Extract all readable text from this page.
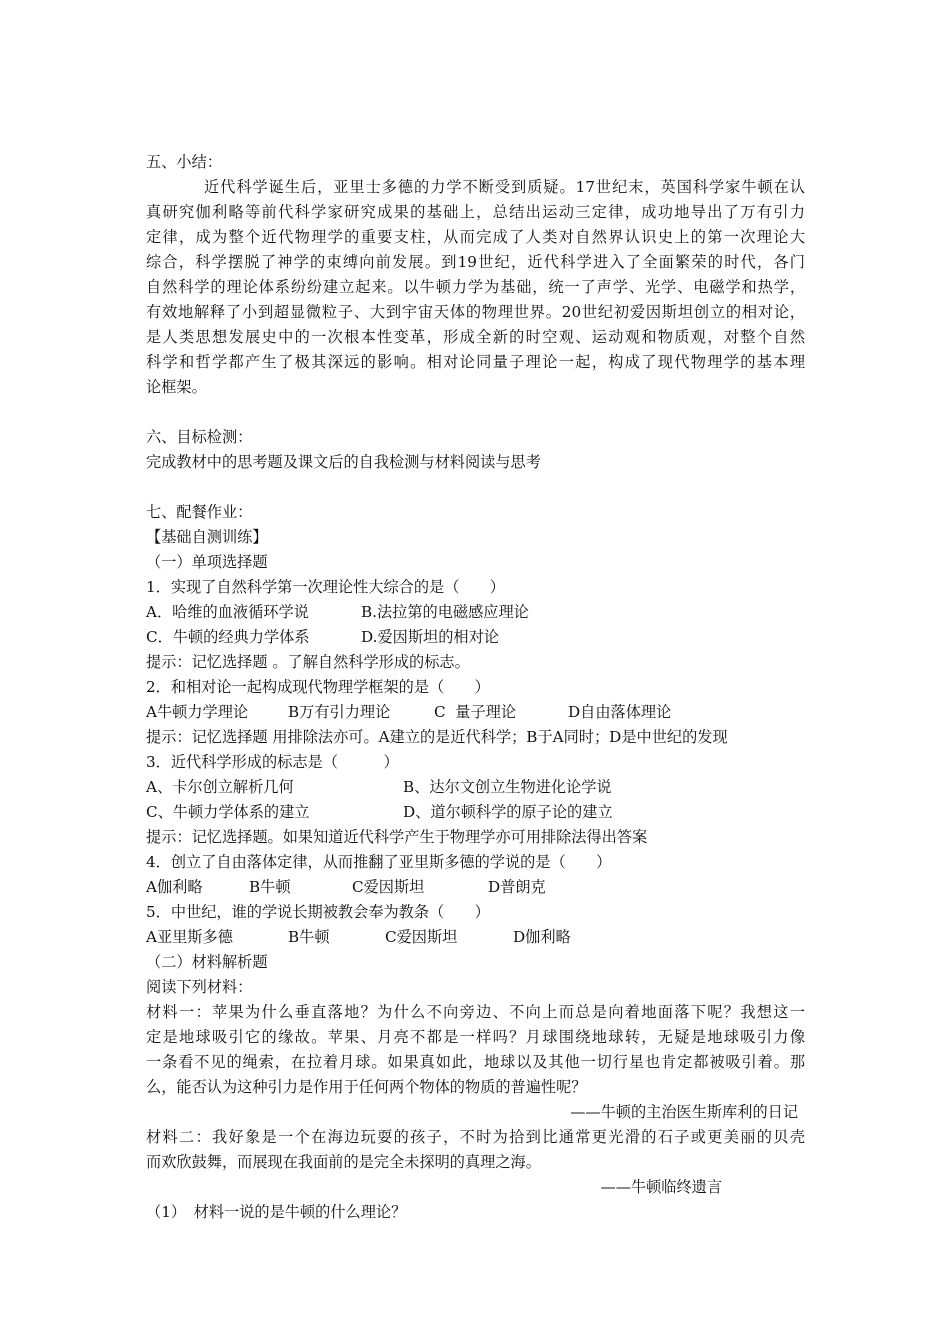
五、小结：
近代科学诞生后，亚里士多德的力学不断受到质疑。17世纪末，英国科学家牛顿在认
真研究伽利略等前代科学家研究成果的基础上，总结出运动三定律，成功地导出了万有引力
定律，成为整个近代物理学的重要支柱，从而完成了人类对自然界认识史上的第一次理论大
综合，科学摆脱了神学的束缚向前发展。到19世纪，近代科学进入了全面繁荣的时代，各门
自然科学的理论体系纷纷建立起来。以牛顿力学为基础，统一了声学、光学、电磁学和热学，
有效地解释了小到超显微粒子、大到宇宙天体的物理世界。20世纪初爱因斯坦创立的相对论，
是人类思想发展史中的一次根本性变革，形成全新的时空观、运动观和物质观，对整个自然
科学和哲学都产生了极其深远的影响。相对论同量子理论一起，构成了现代物理学的基本理
论框架。
六、目标检测：
完成教材中的思考题及课文后的自我检测与材料阅读与思考
七、配餐作业：
【基础自测训练】
（一）单项选择题
1．实现了自然科学第一次理论性大综合的是（　　）
A．哈维的血液循环学说	B.法拉第的电磁感应理论
C．牛顿的经典力学体系	D.爱因斯坦的相对论
提示：记忆选择题 。了解自然科学形成的标志。
2．和相对论一起构成现代物理学框架的是（　　）
A牛顿力学理论	B万有引力理论	C  量子理论	D自由落体理论
提示：记忆选择题 用排除法亦可。A建立的是近代科学；B于A同时；D是中世纪的发现
3．近代科学形成的标志是（　　　）
A、卡尔创立解析几何	B、达尔文创立生物进化论学说
C、牛顿力学体系的建立	D、道尔顿科学的原子论的建立
提示：记忆选择题。如果知道近代科学产生于物理学亦可用排除法得出答案
4．创立了自由落体定律，从而推翻了亚里斯多德的学说的是（　　）
A伽利略	B牛顿	C爱因斯坦	D普朗克
5．中世纪，谁的学说长期被教会奉为教条（　　）
A亚里斯多德	B牛顿	C爱因斯坦	D伽利略
（二）材料解析题
阅读下列材料：
材料一：苹果为什么垂直落地？为什么不向旁边、不向上而总是向着地面落下呢？我想这一
定是地球吸引它的缘故。苹果、月亮不都是一样吗？月球围绕地球转，无疑是地球吸引力像
一条看不见的绳索，在拉着月球。如果真如此，地球以及其他一切行星也肯定都被吸引着。那
么，能否认为这种引力是作用于任何两个物体的物质的普遍性呢？
——牛顿的主治医生斯库利的日记
材料二：我好象是一个在海边玩耍的孩子，不时为拾到比通常更光滑的石子或更美丽的贝壳
而欢欣鼓舞，而展现在我面前的是完全未探明的真理之海。
——牛顿临终遗言
（1）　材料一说的是牛顿的什么理论？
